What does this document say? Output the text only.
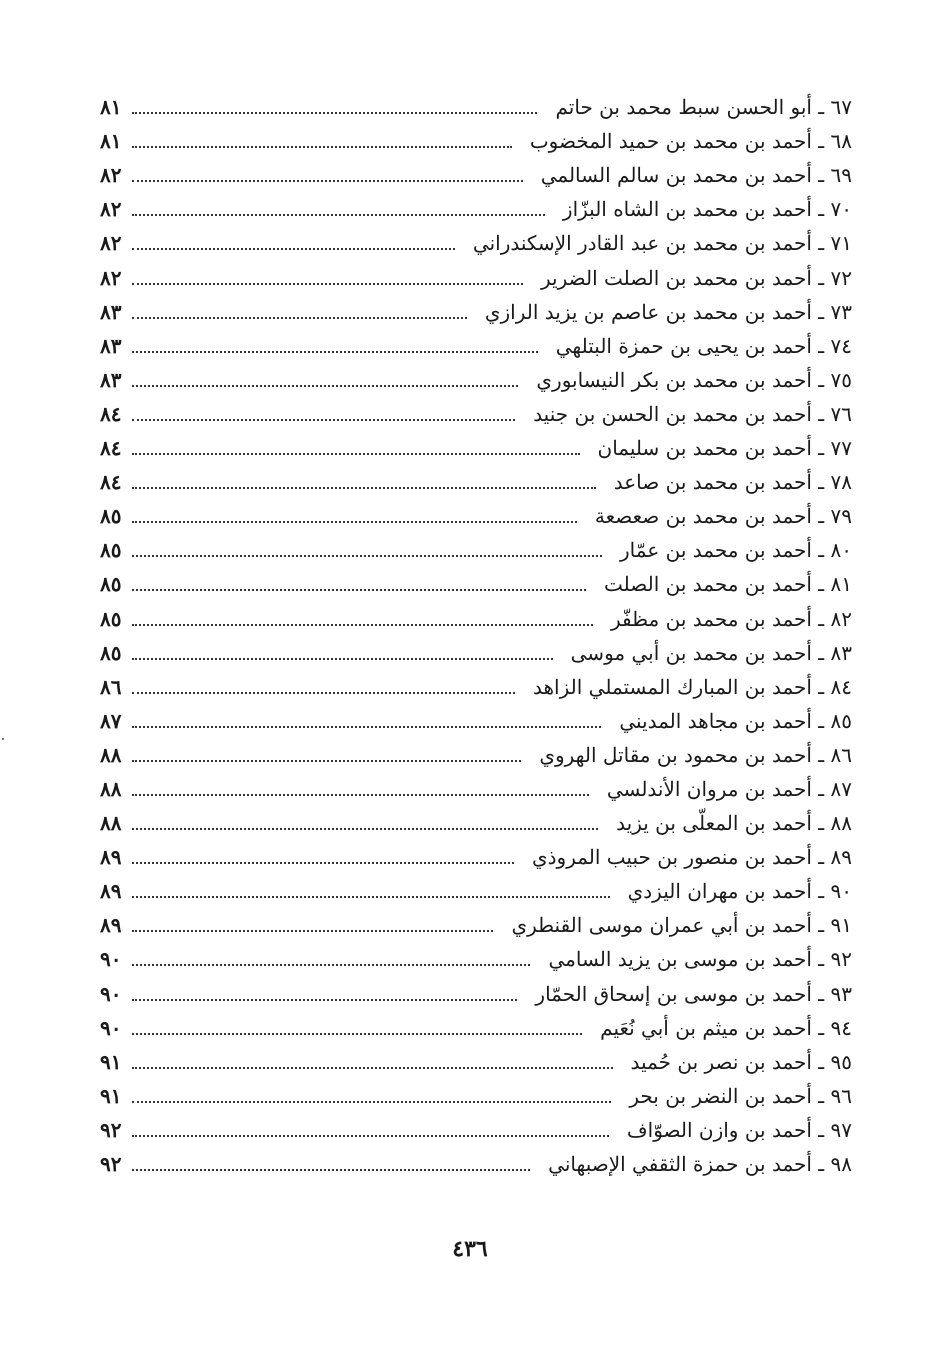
٦٧ ـ أبو الحسن سبط محمد بن حاتم
٨١
٦٨ ـ أحمد بن محمد بن حميد المخضوب
٨١
٦٩ ـ أحمد بن محمد بن سالم السالمي
٨٢
٧٠ ـ أحمد بن محمد بن الشاه البزّاز
٨٢
٧١ ـ أحمد بن محمد بن عبد القادر الإسكندراني
٨٢
٧٢ ـ أحمد بن محمد بن الصلت الضرير
٨٢
٧٣ ـ أحمد بن محمد بن عاصم بن يزيد الرازي
٨٣
٧٤ ـ أحمد بن يحيى بن حمزة البتلهي
٨٣
٧٥ ـ أحمد بن محمد بن بكر النيسابوري
٨٣
٧٦ ـ أحمد بن محمد بن الحسن بن جنيد
٨٤
٧٧ ـ أحمد بن محمد بن سليمان
٨٤
٧٨ ـ أحمد بن محمد بن صاعد
٨٤
٧٩ ـ أحمد بن محمد بن صعصعة
٨٥
٨٠ ـ أحمد بن محمد بن عمّار
٨٥
٨١ ـ أحمد بن محمد بن الصلت
٨٥
٨٢ ـ أحمد بن محمد بن مظفّر
٨٥
٨٣ ـ أحمد بن محمد بن أبي موسى
٨٥
٨٤ ـ أحمد بن المبارك المستملي الزاهد
٨٦
٨٥ ـ أحمد بن مجاهد المديني
٨٧
٨٦ ـ أحمد بن محمود بن مقاتل الهروي
٨٨
٨٧ ـ أحمد بن مروان الأندلسي
٨٨
٨٨ ـ أحمد بن المعلّى بن يزيد
٨٨
٨٩ ـ أحمد بن منصور بن حبيب المروذي
٨٩
٩٠ ـ أحمد بن مهران اليزدي
٨٩
٩١ ـ أحمد بن أبي عمران موسى القنطري
٨٩
٩٢ ـ أحمد بن موسى بن يزيد السامي
٩٠
٩٣ ـ أحمد بن موسى بن إسحاق الحمّار
٩٠
٩٤ ـ أحمد بن ميثم بن أبي نُعَيم
٩٠
٩٥ ـ أحمد بن نصر بن حُميد
٩١
٩٦ ـ أحمد بن النضر بن بحر
٩١
٩٧ ـ أحمد بن وازن الصوّاف
٩٢
٩٨ ـ أحمد بن حمزة الثقفي الإصبهاني
٩٢
٤٣٦
